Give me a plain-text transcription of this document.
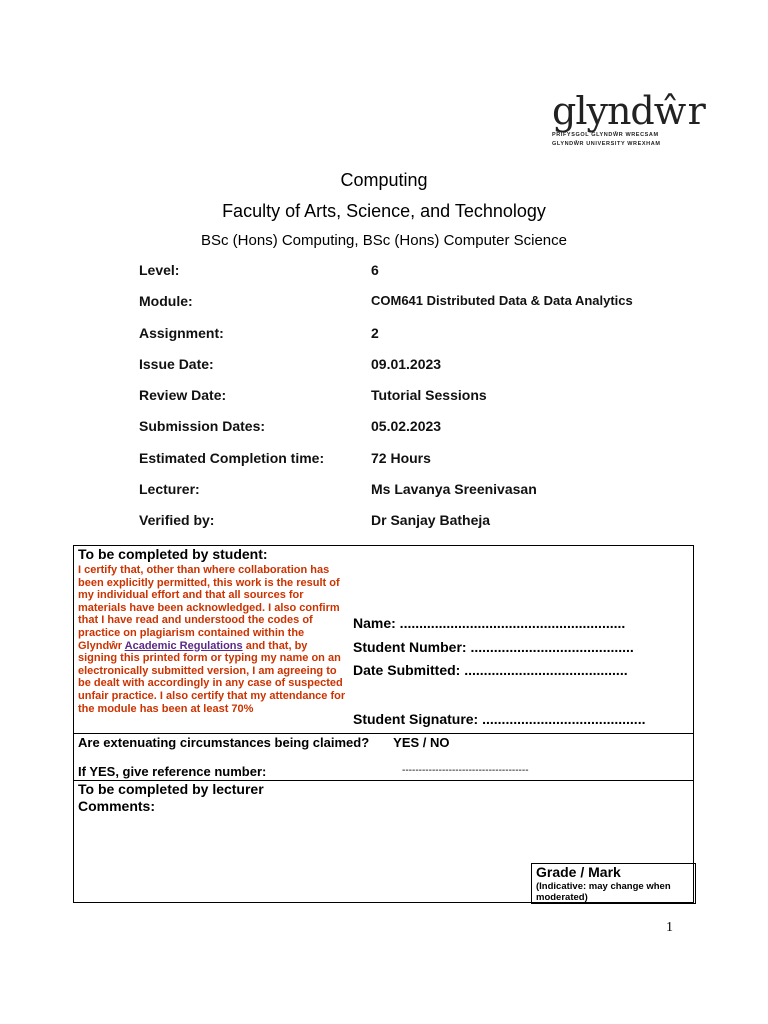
glyndŵr
PRIFYSGOL GLYNDŴR WRECSAM
GLYNDŴR UNIVERSITY WREXHAM
Computing
Faculty of Arts, Science, and Technology
BSc (Hons) Computing, BSc (Hons) Computer Science
Level:	6
Module:	COM641 Distributed Data & Data Analytics
Assignment:	2
Issue Date:	09.01.2023
Review Date:	Tutorial Sessions
Submission Dates:	05.02.2023
Estimated Completion time:	72 Hours
Lecturer:	Ms Lavanya Sreenivasan
Verified by:	Dr Sanjay Batheja
To be completed by student:
I certify that, other than where collaboration has been explicitly permitted, this work is the result of my individual effort and that all sources for materials have been acknowledged. I also confirm that I have read and understood the codes of practice on plagiarism contained within the Glyndŵr Academic Regulations and that, by signing this printed form or typing my name on an electronically submitted version, I am agreeing to be dealt with accordingly in any case of suspected unfair practice. I also certify that my attendance for the module has been at least 70%
Name: ..........................................................
Student Number: ..........................................
Date Submitted: ..........................................
Student Signature: ..........................................
Are extenuating circumstances being claimed? YES / NO
If YES, give reference number:	--------------------------------------
To be completed by lecturer
Comments:
Grade / Mark
(Indicative: may change when moderated)
1
